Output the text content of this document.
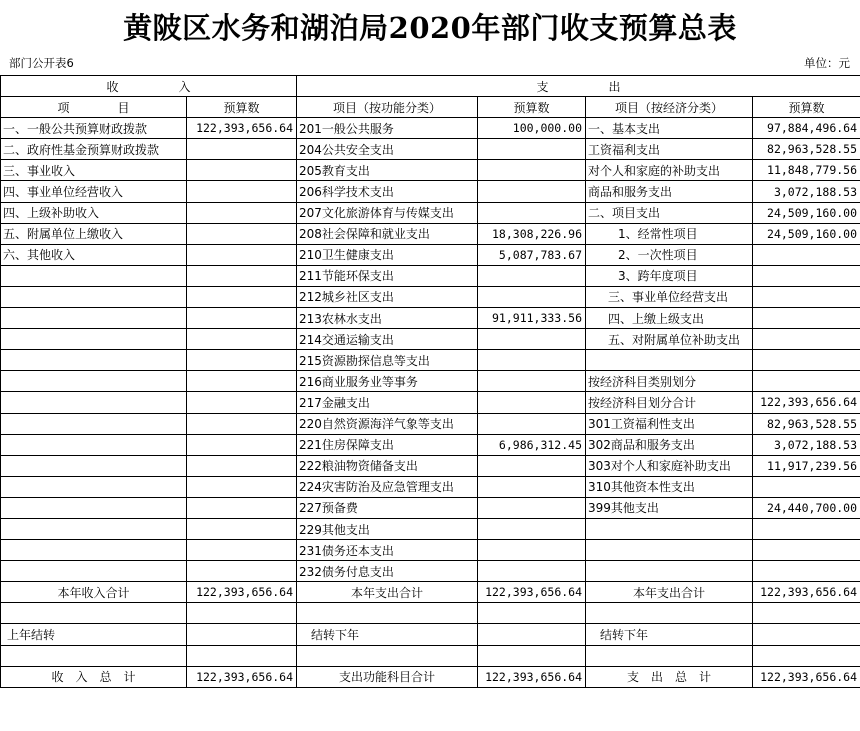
黄陂区水务和湖泊局2020年部门收支预算总表
部门公开表6	单位：元
收　　　　　入		支　　　　　出			
项　　　　目	预算数	项目（按功能分类）	预算数	项目（按经济分类）	预算数
一、一般公共预算财政拨款	122,393,656.64	201一般公共服务	100,000.00	一、基本支出	97,884,496.64
二、政府性基金预算财政拨款		204公共安全支出		工资福利支出	82,963,528.55
三、事业收入		205教育支出		对个人和家庭的补助支出	11,848,779.56
四、事业单位经营收入		206科学技术支出		商品和服务支出	3,072,188.53
四、上级补助收入		207文化旅游体育与传媒支出		二、项目支出	24,509,160.00
五、附属单位上缴收入		208社会保障和就业支出	18,308,226.96	1、经常性项目	24,509,160.00
六、其他收入		210卫生健康支出	5,087,783.67	2、一次性项目	
		211节能环保支出		3、跨年度项目	
		212城乡社区支出		三、事业单位经营支出	
		213农林水支出	91,911,333.56	四、上缴上级支出	
		214交通运输支出		五、对附属单位补助支出	
		215资源勘探信息等支出			
		216商业服务业等事务		按经济科目类别划分	
		217金融支出		按经济科目划分合计	122,393,656.64
		220自然资源海洋气象等支出		301工资福利性支出	82,963,528.55
		221住房保障支出	6,986,312.45	302商品和服务支出	3,072,188.53
		222粮油物资储备支出		303对个人和家庭补助支出	11,917,239.56
		224灾害防治及应急管理支出		310其他资本性支出	
		227预备费		399其他支出	24,440,700.00
		229其他支出			
		231债务还本支出			
		232债务付息支出			
本年收入合计	122,393,656.64	本年支出合计	122,393,656.64	本年支出合计	122,393,656.64

上年结转		结转下年		结转下年	

收　入　总　计	122,393,656.64	支出功能科目合计	122,393,656.64	支　出　总　计	122,393,656.64
